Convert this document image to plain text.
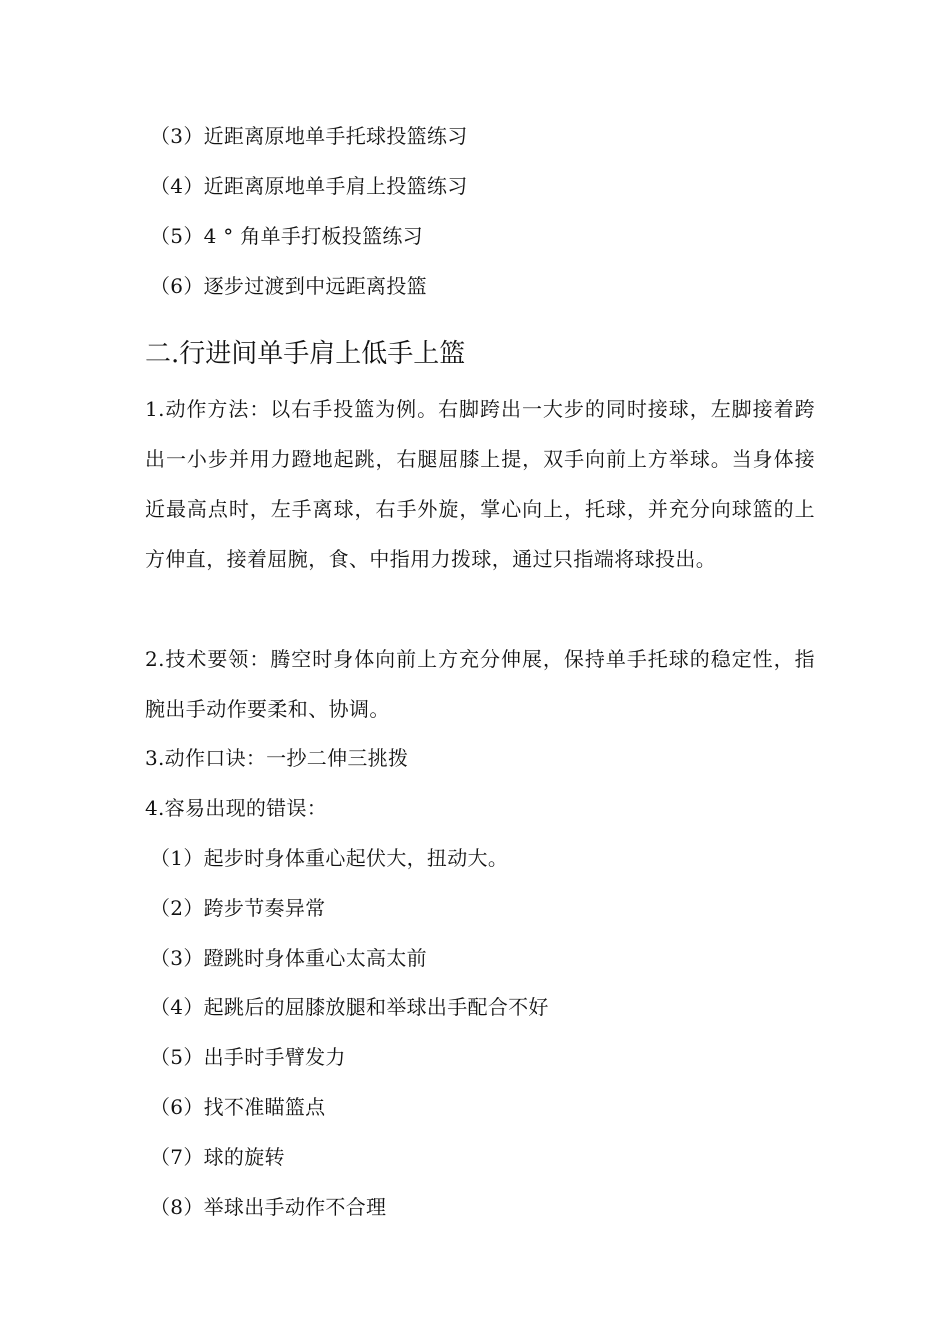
（3）近距离原地单手托球投篮练习
（4）近距离原地单手肩上投篮练习
（5）4 ° 角单手打板投篮练习
（6）逐步过渡到中远距离投篮
二.行进间单手肩上低手上篮
1.动作方法：以右手投篮为例。右脚跨出一大步的同时接球，左脚接着跨出一小步并用力蹬地起跳，右腿屈膝上提，双手向前上方举球。当身体接近最高点时，左手离球，右手外旋，掌心向上，托球，并充分向球篮的上方伸直，接着屈腕，食、中指用力拨球，通过只指端将球投出。
2.技术要领：腾空时身体向前上方充分伸展，保持单手托球的稳定性，指腕出手动作要柔和、协调。
3.动作口诀：一抄二伸三挑拨
4.容易出现的错误：
（1）起步时身体重心起伏大，扭动大。
（2）跨步节奏异常
（3）蹬跳时身体重心太高太前
（4）起跳后的屈膝放腿和举球出手配合不好
（5）出手时手臂发力
（6）找不准瞄篮点
（7）球的旋转
（8）举球出手动作不合理
